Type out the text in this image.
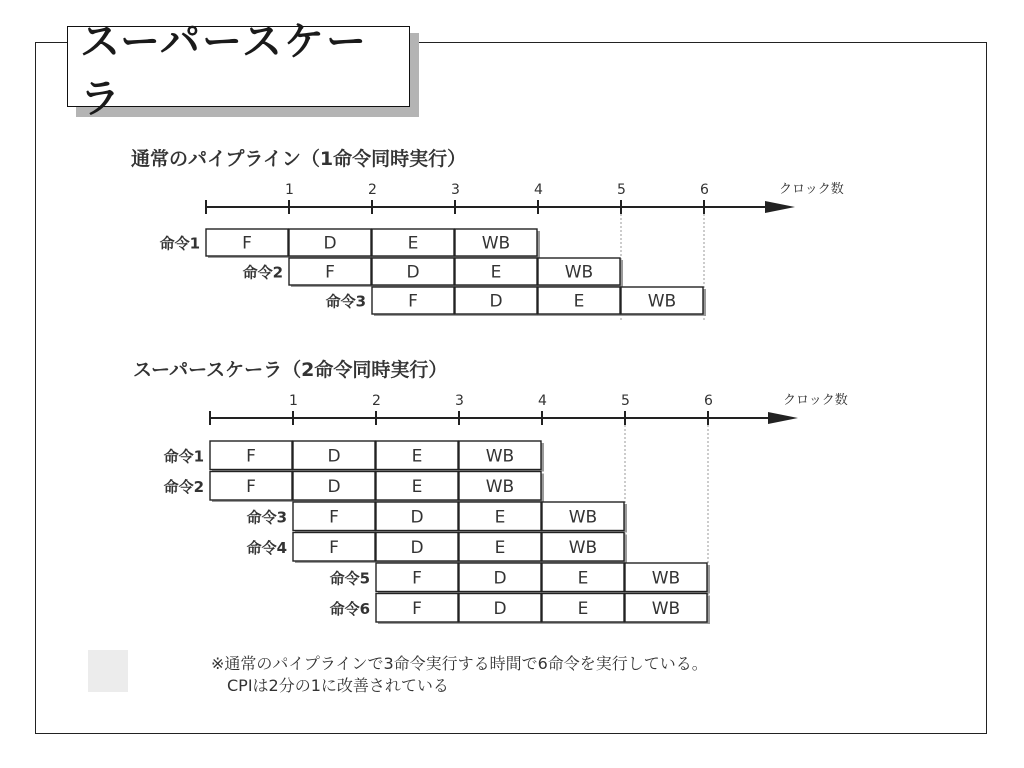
スーパースケーラ
通常のパイプライン（1命令同時実行）
スーパースケーラ（2命令同時実行）
クロック数
1	2	3	4	5	6
命令1 F	D	E	WB
命令2 F	D	E	WB
命令3 F	D	E	WB
クロック数
1	2	3	4	5	6
命令1 F	D	E	WB
命令2 F	D	E	WB
命令3 F	D	E	WB
命令4 F	D	E	WB
命令5 F	D	E	WB
命令6 F	D	E	WB
※通常のパイプラインで3命令実行する時間で6命令を実行している。
CPIは2分の1に改善されている
